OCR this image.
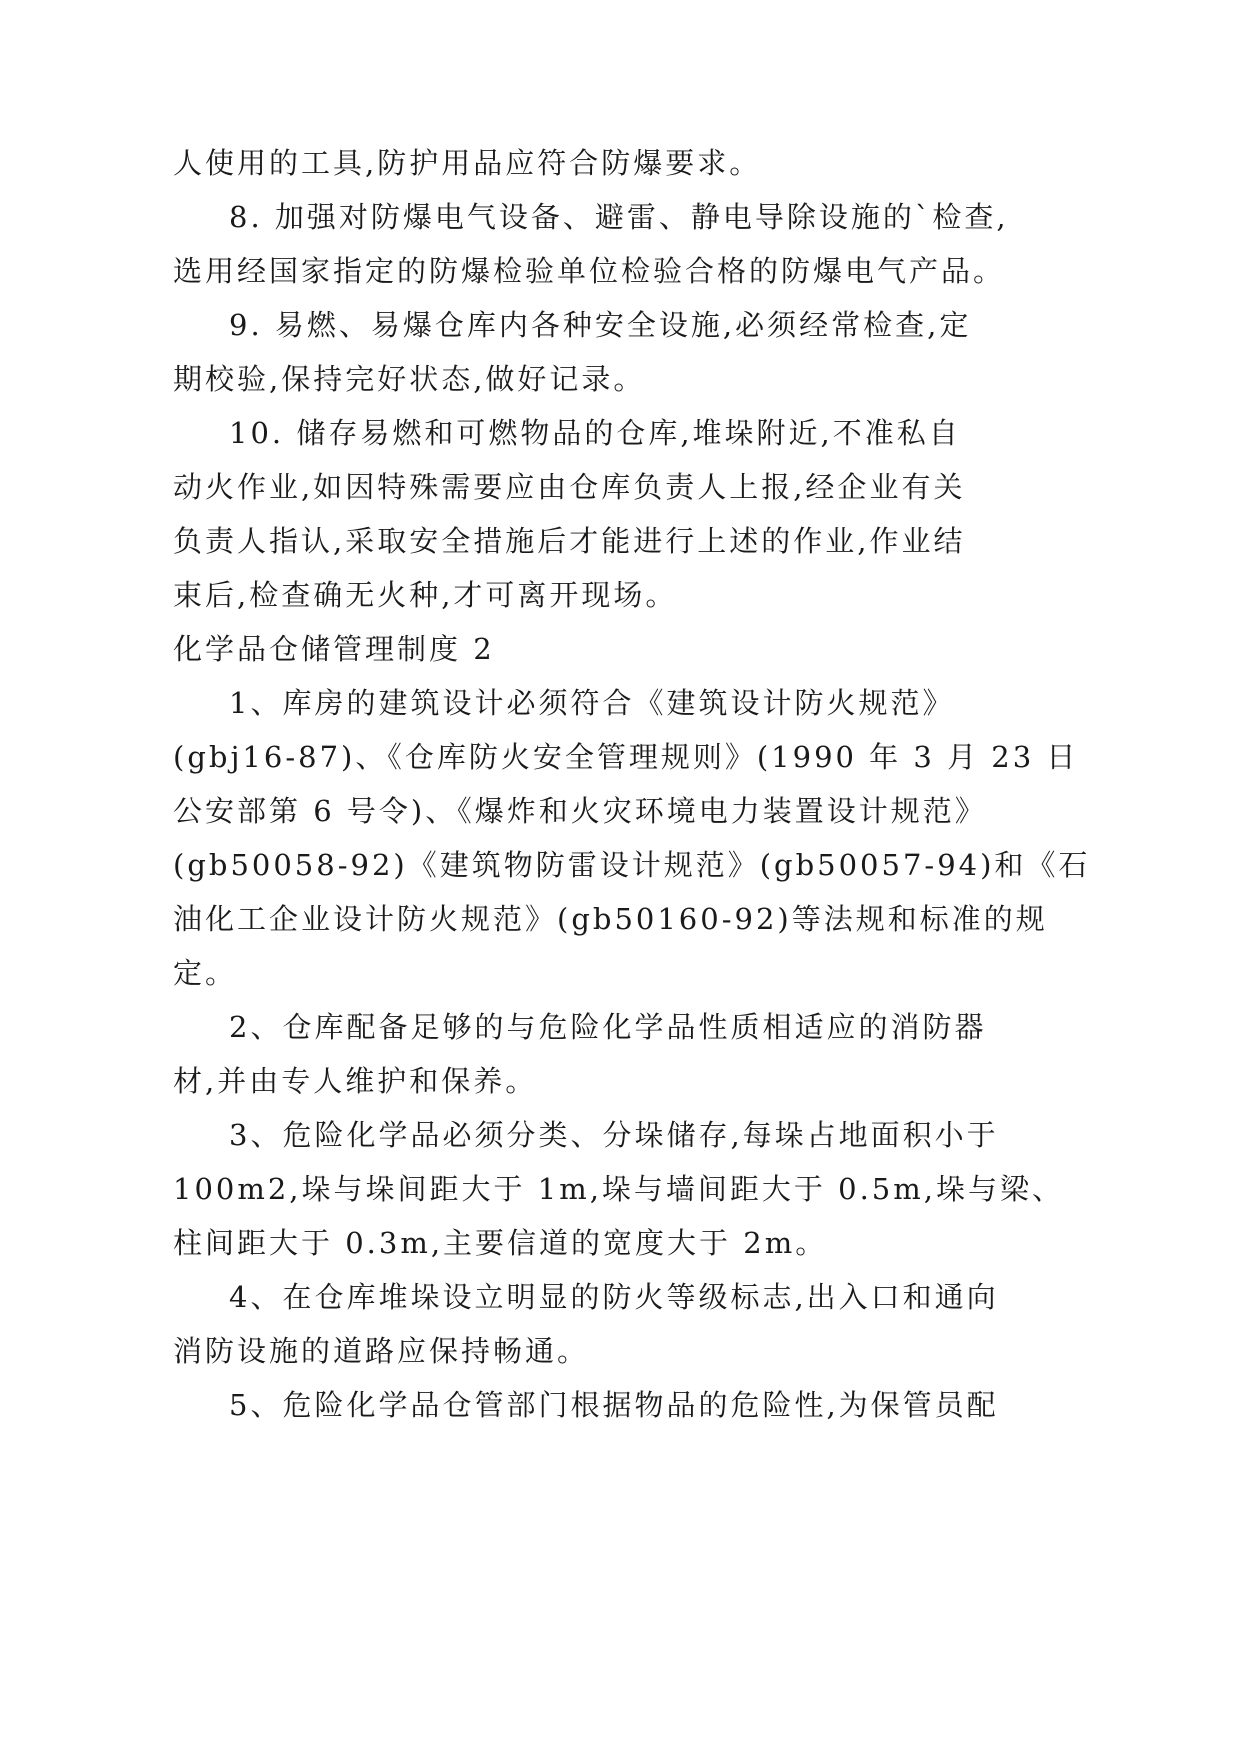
人使用的工具,防护用品应符合防爆要求。
8. 加强对防爆电气设备、避雷、静电导除设施的`检查,
选用经国家指定的防爆检验单位检验合格的防爆电气产品。
9. 易燃、易爆仓库内各种安全设施,必须经常检查,定
期校验,保持完好状态,做好记录。
10. 储存易燃和可燃物品的仓库,堆垛附近,不准私自
动火作业,如因特殊需要应由仓库负责人上报,经企业有关
负责人指认,采取安全措施后才能进行上述的作业,作业结
束后,检查确无火种,才可离开现场。
化学品仓储管理制度 2
1、库房的建筑设计必须符合《建筑设计防火规范》
(gbj16-87)、《仓库防火安全管理规则》(1990 年 3 月 23 日
公安部第 6 号令)、《爆炸和火灾环境电力装置设计规范》
(gb50058-92)《建筑物防雷设计规范》(gb50057-94)和《石
油化工企业设计防火规范》(gb50160-92)等法规和标准的规
定。
2、仓库配备足够的与危险化学品性质相适应的消防器
材,并由专人维护和保养。
3、危险化学品必须分类、分垛储存,每垛占地面积小于
100m2,垛与垛间距大于 1m,垛与墙间距大于 0.5m,垛与梁、
柱间距大于 0.3m,主要信道的宽度大于 2m。
4、在仓库堆垛设立明显的防火等级标志,出入口和通向
消防设施的道路应保持畅通。
5、危险化学品仓管部门根据物品的危险性,为保管员配
